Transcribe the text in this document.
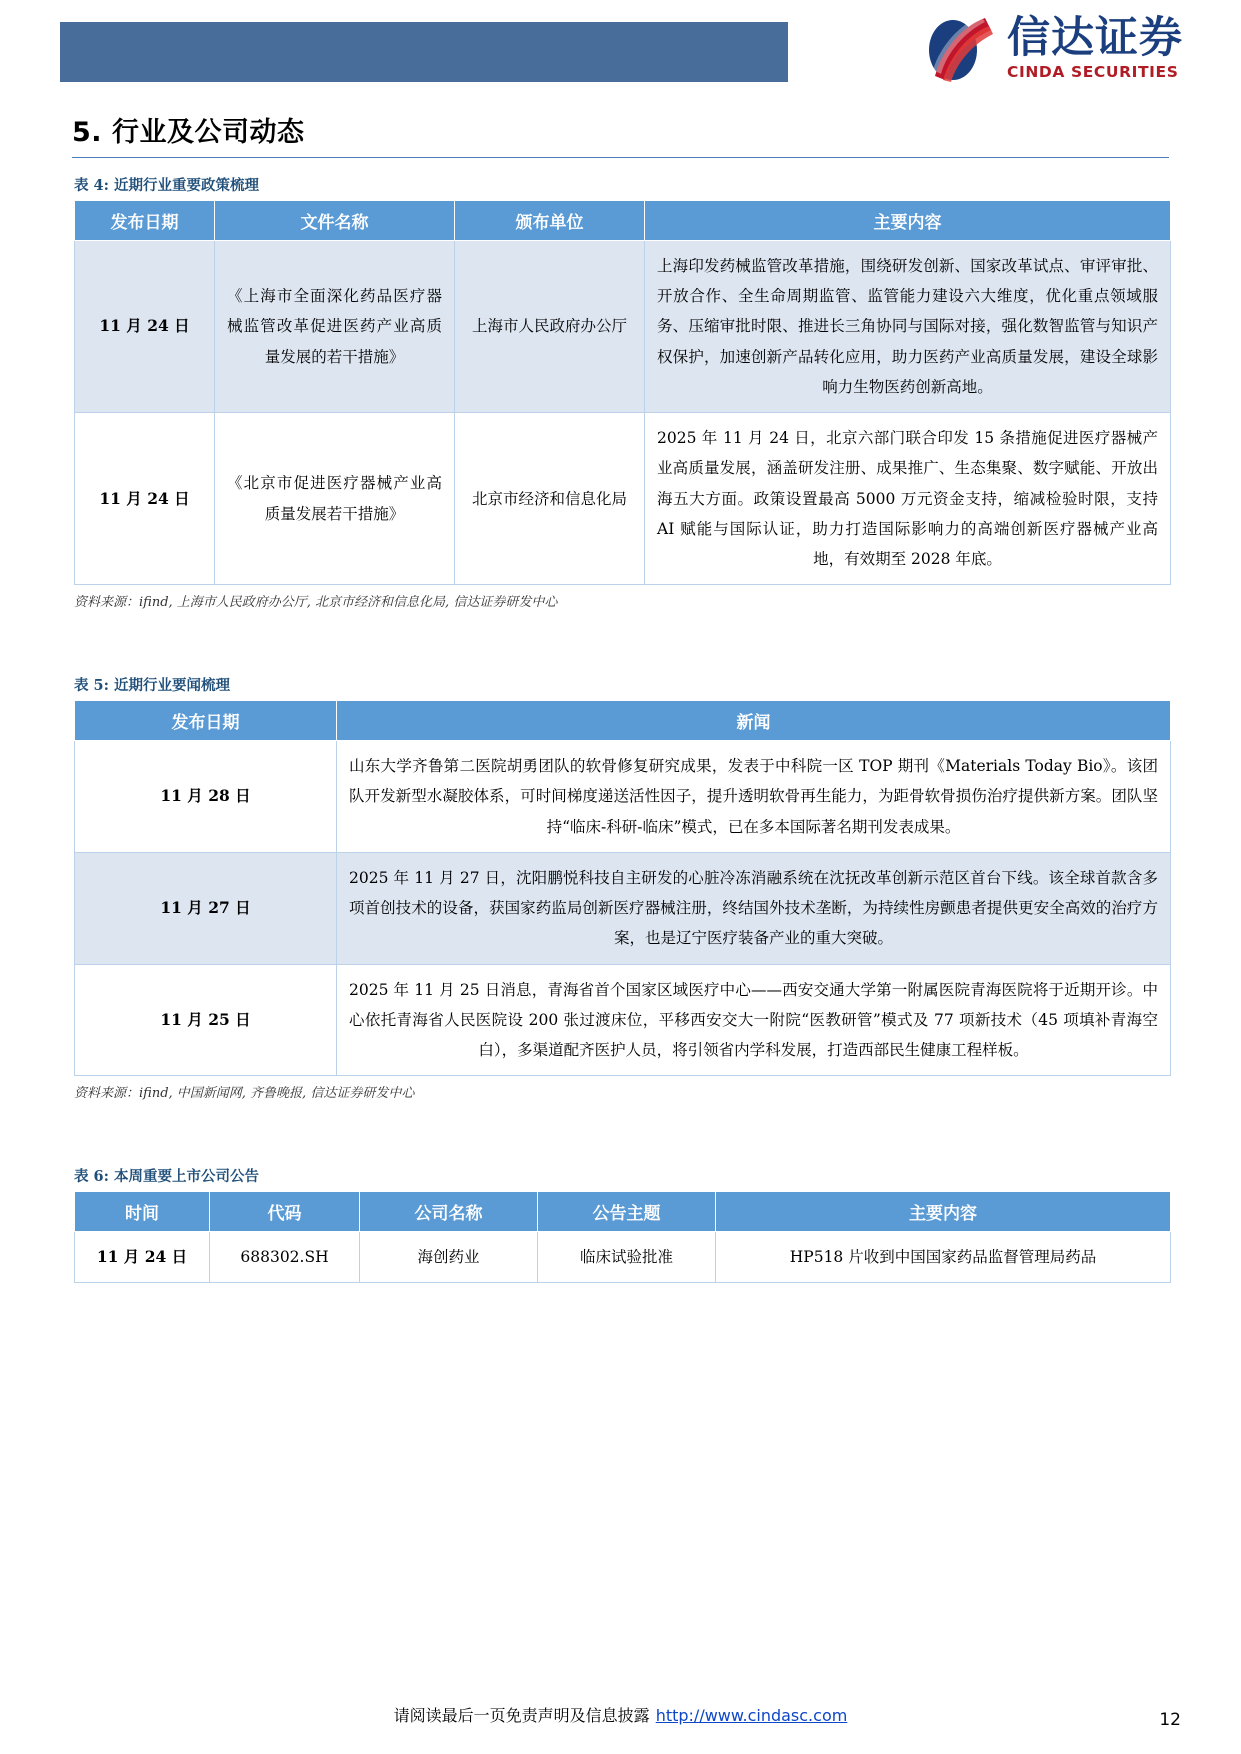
信达证券
CINDA SECURITIES
5. 行业及公司动态
表 4: 近期行业重要政策梳理
发布日期	文件名称	颁布单位	主要内容
11 月 24 日	《上海市全面深化药品医疗器械监管改革促进医药产业高质量发展的若干措施》	上海市人民政府办公厅	上海印发药械监管改革措施，围绕研发创新、国家改革试点、审评审批、开放合作、全生命周期监管、监管能力建设六大维度，优化重点领域服务、压缩审批时限、推进长三角协同与国际对接，强化数智监管与知识产权保护，加速创新产品转化应用，助力医药产业高质量发展，建设全球影响力生物医药创新高地。
11 月 24 日	《北京市促进医疗器械产业高质量发展若干措施》	北京市经济和信息化局	2025 年 11 月 24 日，北京六部门联合印发 15 条措施促进医疗器械产业高质量发展，涵盖研发注册、成果推广、生态集聚、数字赋能、开放出海五大方面。政策设置最高 5000 万元资金支持，缩减检验时限，支持 AI 赋能与国际认证，助力打造国际影响力的高端创新医疗器械产业高地，有效期至 2028 年底。
资料来源：ifind, 上海市人民政府办公厅, 北京市经济和信息化局, 信达证券研发中心
表 5: 近期行业要闻梳理
发布日期	新闻
11 月 28 日	山东大学齐鲁第二医院胡勇团队的软骨修复研究成果，发表于中科院一区 TOP 期刊《Materials Today Bio》。该团队开发新型水凝胶体系，可时间梯度递送活性因子，提升透明软骨再生能力，为距骨软骨损伤治疗提供新方案。团队坚持“临床-科研-临床”模式，已在多本国际著名期刊发表成果。
11 月 27 日	2025 年 11 月 27 日，沈阳鹏悦科技自主研发的心脏冷冻消融系统在沈抚改革创新示范区首台下线。该全球首款含多项首创技术的设备，获国家药监局创新医疗器械注册，终结国外技术垄断，为持续性房颤患者提供更安全高效的治疗方案，也是辽宁医疗装备产业的重大突破。
11 月 25 日	2025 年 11 月 25 日消息，青海省首个国家区域医疗中心——西安交通大学第一附属医院青海医院将于近期开诊。中心依托青海省人民医院设 200 张过渡床位，平移西安交大一附院“医教研管”模式及 77 项新技术（45 项填补青海空白），多渠道配齐医护人员，将引领省内学科发展，打造西部民生健康工程样板。
资料来源：ifind, 中国新闻网, 齐鲁晚报, 信达证券研发中心
表 6: 本周重要上市公司公告
时间	代码	公司名称	公告主题	主要内容
11 月 24 日	688302.SH	海创药业	临床试验批准	HP518 片收到中国国家药品监督管理局药品
请阅读最后一页免责声明及信息披露 http://www.cindasc.com	12
